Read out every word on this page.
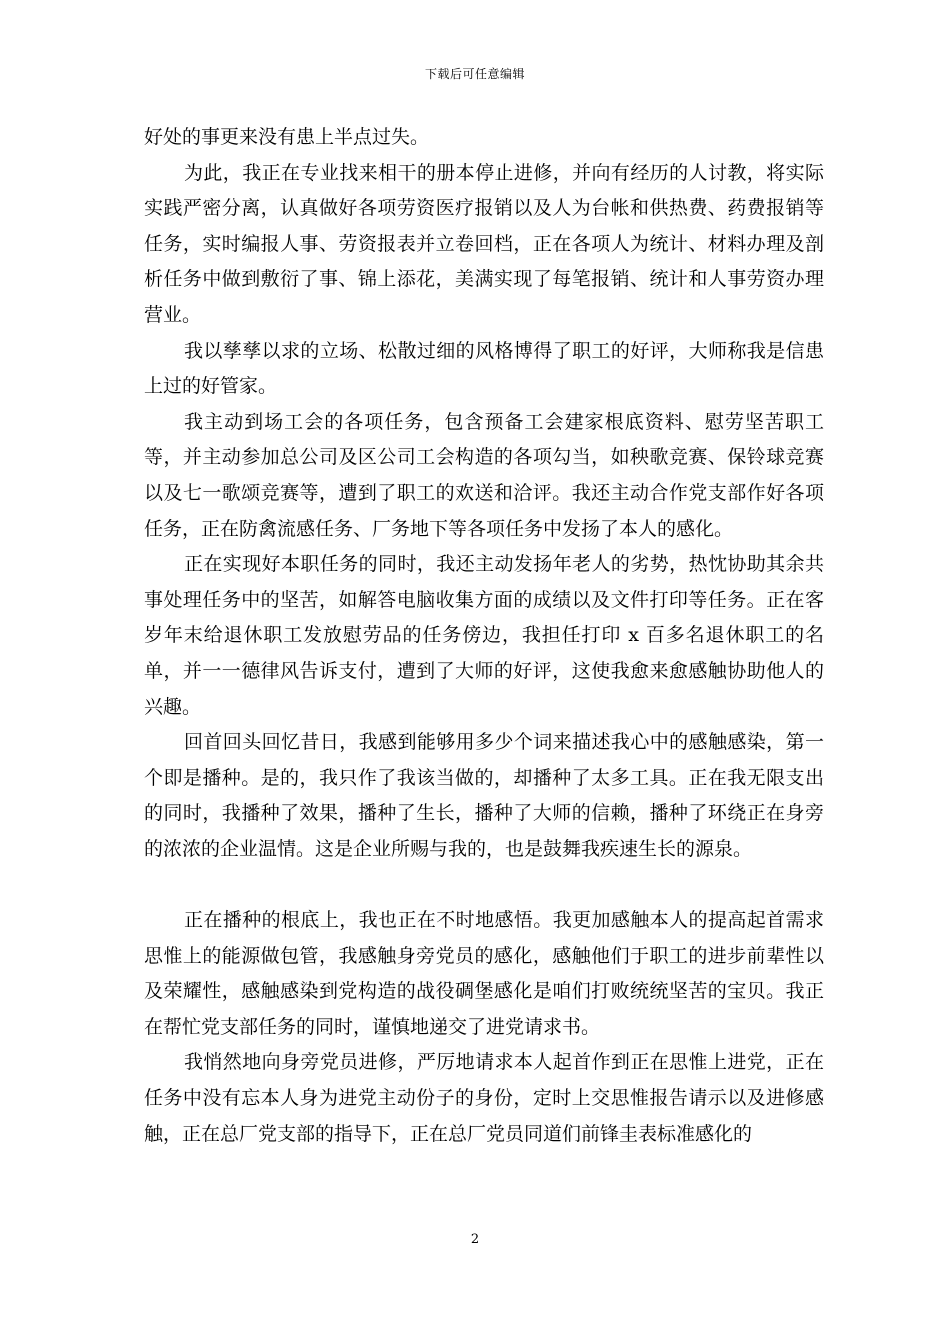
下载后可任意编辑

好处的事更来没有患上半点过失。

为此，我正在专业找来相干的册本停止进修，并向有经历的人讨教，将实际实践严密分离，认真做好各项劳资医疗报销以及人为台帐和供热费、药费报销等任务，实时编报人事、劳资报表并立卷回档，正在各项人为统计、材料办理及剖析任务中做到敷衍了事、锦上添花，美满实现了每笔报销、统计和人事劳资办理营业。

我以孳孳以求的立场、松散过细的风格博得了职工的好评，大师称我是信患上过的好管家。

我主动到场工会的各项任务，包含预备工会建家根底资料、慰劳坚苦职工等，并主动参加总公司及区公司工会构造的各项勾当，如秧歌竞赛、保铃球竞赛以及七一歌颂竞赛等，遭到了职工的欢送和洽评。我还主动合作党支部作好各项任务，正在防禽流感任务、厂务地下等各项任务中发扬了本人的感化。

正在实现好本职任务的同时，我还主动发扬年老人的劣势，热忱协助其余共事处理任务中的坚苦，如解答电脑收集方面的成绩以及文件打印等任务。正在客岁年末给退休职工发放慰劳品的任务傍边，我担任打印 x 百多名退休职工的名单，并一一德律风告诉支付，遭到了大师的好评，这使我愈来愈感触协助他人的兴趣。

回首回头回忆昔日，我感到能够用多少个词来描述我心中的感触感染，第一个即是播种。是的，我只作了我该当做的，却播种了太多工具。正在我无限支出的同时，我播种了效果，播种了生长，播种了大师的信赖，播种了环绕正在身旁的浓浓的企业温情。这是企业所赐与我的，也是鼓舞我疾速生长的源泉。

正在播种的根底上，我也正在不时地感悟。我更加感触本人的提高起首需求思惟上的能源做包管，我感触身旁党员的感化，感触他们于职工的进步前辈性以及荣耀性，感触感染到党构造的战役碉堡感化是咱们打败统统坚苦的宝贝。我正在帮忙党支部任务的同时，谨慎地递交了进党请求书。

我悄然地向身旁党员进修，严厉地请求本人起首作到正在思惟上进党，正在任务中没有忘本人身为进党主动份子的身份，定时上交思惟报告请示以及进修感触，正在总厂党支部的指导下，正在总厂党员同道们前锋圭表标准感化的

2
